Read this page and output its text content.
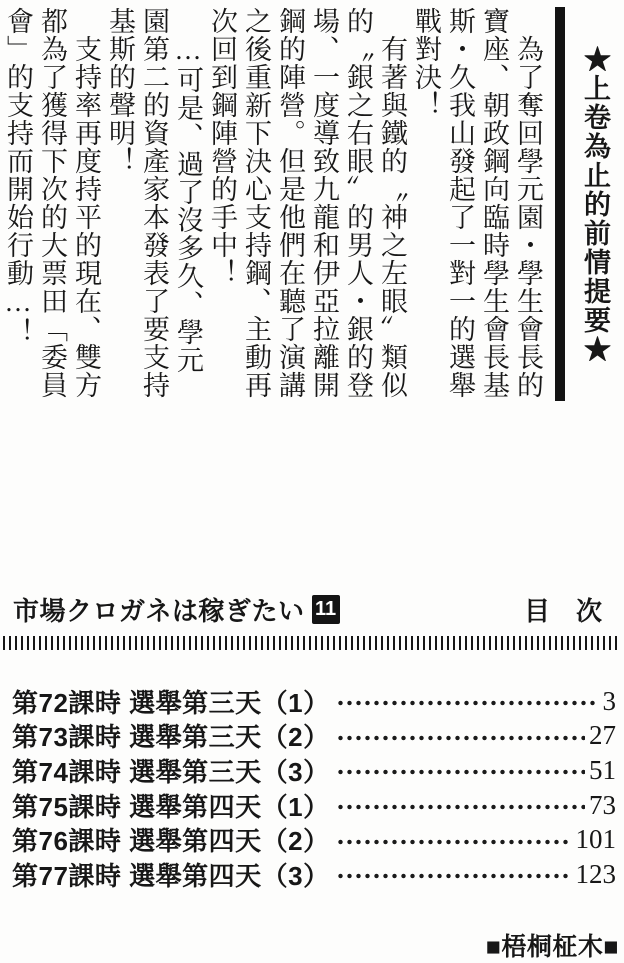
★上卷為止的前情提要★

為了奪回學元園・學生會長的寶座、朝政鋼向臨時學生會長基斯・久我山發起了一對一的選舉戰對決！

有著與鐵的〝神之左眼〞類似的〝銀之右眼〞的男人・銀的登場、一度導致九龍和伊亞拉離開鋼的陣營。但是他們在聽了演講之後重新下決心支持鋼、主動再次回到鋼陣營的手中！

…可是、過了沒多久、學元園第二的資產家本發表了要支持基斯的聲明！

支持率再度持平的現在、雙方都為了獲得下次的大票田「委員會」的支持而開始行動…！

市場クロガネは稼ぎたい 11	目　次
第72課時 選舉第三天（1）	3
第73課時 選舉第三天（2）	27
第74課時 選舉第三天（3）	51
第75課時 選舉第四天（1）	73
第76課時 選舉第四天（2）	101
第77課時 選舉第四天（3）	123
■梧桐柾木■
